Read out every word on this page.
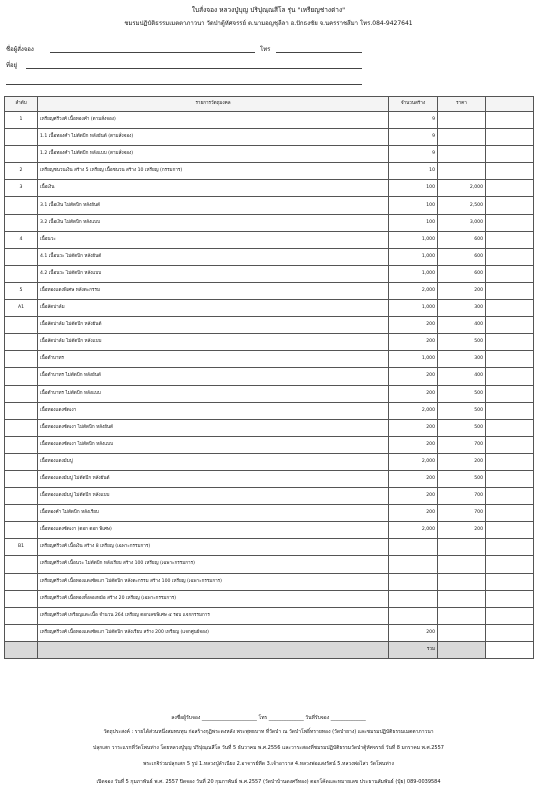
ใบสั่งจอง หลวงปู่บุญ ปริปุณฺณสีโล รุ่น "เหรียญช่างต่าง"
ชมรมปฏิบัติธรรมเมตตาภาวนา วัดป่าตู้หัศจรรย์ ต.นามอญชุลีลา อ.ปักธงชัย จ.นครราชสีมา โทร.084-9427641
ชื่อผู้สั่งจอง	โทร
ที่อยู่
ลำดับ	รายการวัตถุมงคล	จำนวนสร้าง	ราคา	
1	เหรียญศรีวงศ์ เนื้อทองคำ (ตามสั่งจอง)	9		
	1.1 เนื้อทองคำ ไม่ตัดปีก หลังยันต์ (ตามสั่งจอง)	9		
	1.2 เนื้อทองคำ ไม่ตัดปีก หลังแบบ (ตามสั่งจอง)	9		
2	เหรียญชนวนเงิน สร้าง 5 เหรียญ เนื้อชนวน สร้าง 10 เหรียญ (กรรมการ)	10		
3	เนื้อเงิน	100	2,000	
	3.1 เนื้อเงิน ไม่ตัดปีก หลังยันต์	100	2,500	
	3.2 เนื้อเงิน ไม่ตัดปีก หลังแบบ	100	3,000	
4	เนื้อนวะ	1,000	600	
	4.1 เนื้อนวะ ไม่ตัดปีก หลังยันต์	1,000	600	
	4.2 เนื้อนวะ ไม่ตัดปีก หลังแบบ	1,000	600	
5	เนื้อทองแดงพิเศษ หลังตะกรรม	2,000	200	
A1	เนื้อลัดปาล์ม	1,000	300	
	เนื้อลัดปาล์ม ไม่ตัดปีก หลังยันต์	200	400	
	เนื้อลัดปาล์ม ไม่ตัดปีก หลังแบบ	200	500	
	เนื้อตำบาทร	1,000	300	
	เนื้อตำบาทร ไม่ตัดปีก หลังยันต์	200	400	
	เนื้อตำบาทร ไม่ตัดปีก หลังแบบ	200	500	
	เนื้อทองแดงซัดเงา	2,000	500	
	เนื้อทองแดงซัดเงา ไม่ตัดปีก หลังยันต์	200	500	
	เนื้อทองแดงซัดเงา ไม่ตัดปีก หลังแบบ	200	700	
	เนื้อทองแดงมัมปู	2,000	200	
	เนื้อทองแดงมัมปู ไม่ตัดปีก หลังยันต์	200	500	
	เนื้อทองแดงมัมปู ไม่ตัดปีก หลังแบบ	200	700	
	เนื้อทองคำ ไม่ตัดปีก หลังเรียบ	200	700	
	เนื้อทองแดงซัดเงา (ตอก ตอก พิเศษ)	2,000	200	
B1	เหรียญศรีวงศ์ เนื้อเงิน สร้าง 8 เหรียญ (เฉพาะกรรมการ)			
	เหรียญศรีวงศ์ เนื้อนวะ ไม่ตัดปีก หลังเรียบ สร้าง 100 เหรียญ (เฉพาะกรรมการ)			
	เหรียญศรีวงศ์ เนื้อทองแดงซัดเงา ไม่ตัดปีก หลังตะกรรม สร้าง 100 เหรียญ (เฉพาะกรรมการ)			
	เหรียญศรีวงศ์ เนื้อทองทั้งลองหม้อ สร้าง 20 เหรียญ (เฉพาะกรรมการ)			
	เหรียญศรีวงศ์ เหรียญแตะเนื้อ จำนวน 264 เหรียญ ตอกเลขพิเศษ ๕ รอบ แจกกรรมการ			
	เหรียญศรีวงศ์ เนื้อทองแดงซัดเงา ไม่ตัดปีก หลังเรียบ สร้าง 200 เหรียญ (แจกศูนย์จอง)	200		
		รวม		
ลงชื่อผู้รับจอง ______________________ โทร ______________ วันที่รับจอง ______________
วัตถุประสงค์ : รายได้ส่วนหนึ่งสมทบทุน ก่อสร้างกุฏิพระดงหลัง พระพุทธบาท ที่วัดป่า ณ วัดป่าโพธิ์ทรายทอง (วัดป่ายาง) และชมรมปฏิบัติธรรมเมตตาภาวนา
ปลุกเสก วาระแรกที่วัดโพนท่าง โดยหลวงปู่บุญ ปริปุณฺณสีโล วันที่ 5 ธันวาคม พ.ศ.2556 และวาระสองที่ชมรมปฏิบัติธรรมวัดป่าตู้หัศจรรย์ วันที่ 8 มกราคม พ.ศ.2557
พระเกจิร่วมปลุกเสก 5 รูป 1.หลวงปู่ลำเนียง 2.อาจารย์ทีด 3.เจ้าอาวาส 4.หลวงพ่อแสงรัตน์ 5.หลวงพ่อไสว วัดโพนท่าง
เปิดจอง วันที่ 5 กุมภาพันธ์ พ.ศ. 2557 ปิดจอง วันที่ 20 กุมภาพันธ์ พ.ศ.2557 (วัดป่าบ้านดงศรีทอง) ตอกโค้ดและหมายเลข ประธานสัมพันธ์ (ปุ๋ย) 089-0039584
